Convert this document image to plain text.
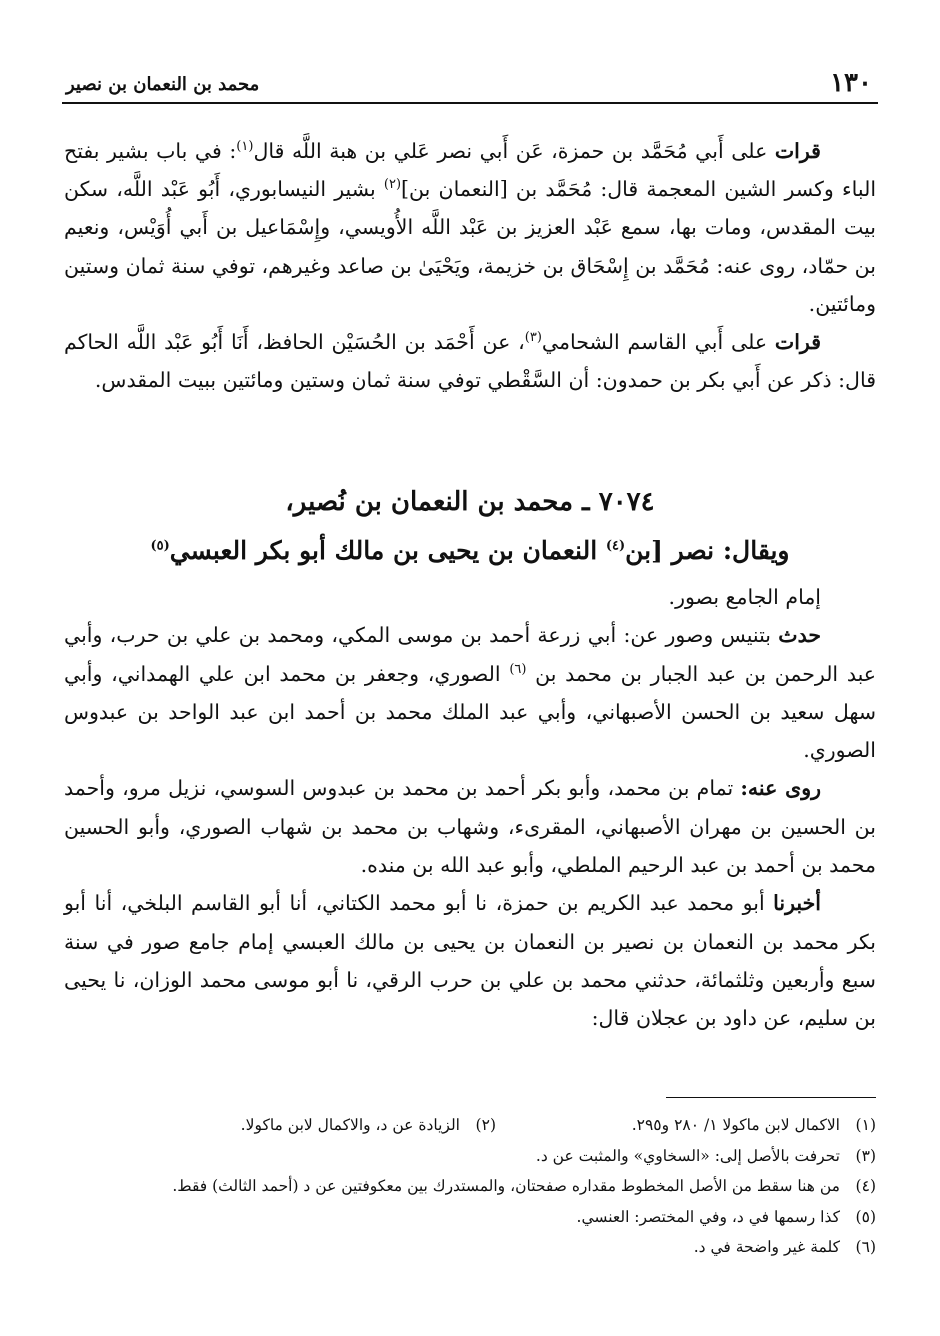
١٣٠
محمد بن النعمان بن نصير

قرات على أَبي مُحَمَّد بن حمزة، عَن أَبي نصر عَلي بن هبة اللَّه قال$^{(١)}$: في باب بشير بفتح الباء وكسر الشين المعجمة قال: مُحَمَّد بن [النعمان بن]$^{(٢)}$ بشير النيسابوري، أَبُو عَبْد اللَّه، سكن بيت المقدس، ومات بها، سمع عَبْد العزيز بن عَبْد اللَّه الأُويسي، وإِسْمَاعيل بن أَبي أُوَيْس، ونعيم بن حمّاد، روى عنه: مُحَمَّد بن إِسْحَاق بن خزيمة، ويَحْيَىٰ بن صاعد وغيرهم، توفي سنة ثمان وستين ومائتين.

قرات على أَبي القاسم الشحامي$^{(٣)}$، عن أَحْمَد بن الحُسَيْن الحافظ، أَنَا أَبُو عَبْد اللَّه الحاكم قال: ذكر عن أَبي بكر بن حمدون: أن السَّقْطي توفي سنة ثمان وستين ومائتين ببيت المقدس.

٧٠٧٤ ـ محمد بن النعمان بن نُصير،
ويقال: نصر [بن$^{(٤)}$ النعمان بن يحيى بن مالك أبو بكر العبسي$^{(٥)}$

إمام الجامع بصور.

حدث بتنيس وصور عن: أبي زرعة أحمد بن موسى المكي، ومحمد بن علي بن حرب، وأبي عبد الرحمن بن عبد الجبار بن محمد بن $^{(٦)}$ الصوري، وجعفر بن محمد ابن علي الهمداني، وأبي سهل سعيد بن الحسن الأصبهاني، وأبي عبد الملك محمد بن أحمد ابن عبد الواحد بن عبدوس الصوري.

روى عنه: تمام بن محمد، وأبو بكر أحمد بن محمد بن عبدوس السوسي، نزيل مرو، وأحمد بن الحسين بن مهران الأصبهاني، المقرىء، وشهاب بن محمد بن شهاب الصوري، وأبو الحسين محمد بن أحمد بن عبد الرحيم الملطي، وأبو عبد الله بن منده.

أخبرنا أبو محمد عبد الكريم بن حمزة، نا أبو محمد الكتاني، أنا أبو القاسم البلخي، أنا أبو بكر محمد بن النعمان بن نصير بن النعمان بن يحيى بن مالك العبسي إمام جامع صور في سنة سبع وأربعين وثلثمائة، حدثني محمد بن علي بن حرب الرقي، نا أبو موسى محمد الوزان، نا يحيى بن سليم، عن داود بن عجلان قال:

(١)الاكمال لابن ماكولا ١/ ٢٨٠ و٢٩٥.
(٢)الزيادة عن د، والاكمال لابن ماكولا.
(٣)
تحرفت بالأصل إلى: «السخاوي» والمثبت عن د.
(٤)
من هنا سقط من الأصل المخطوط مقداره صفحتان، والمستدرك بين معكوفتين عن د (أحمد الثالث) فقط.
(٥)
كذا رسمها في د، وفي المختصر: العنسي.
(٦)
كلمة غير واضحة في د.
